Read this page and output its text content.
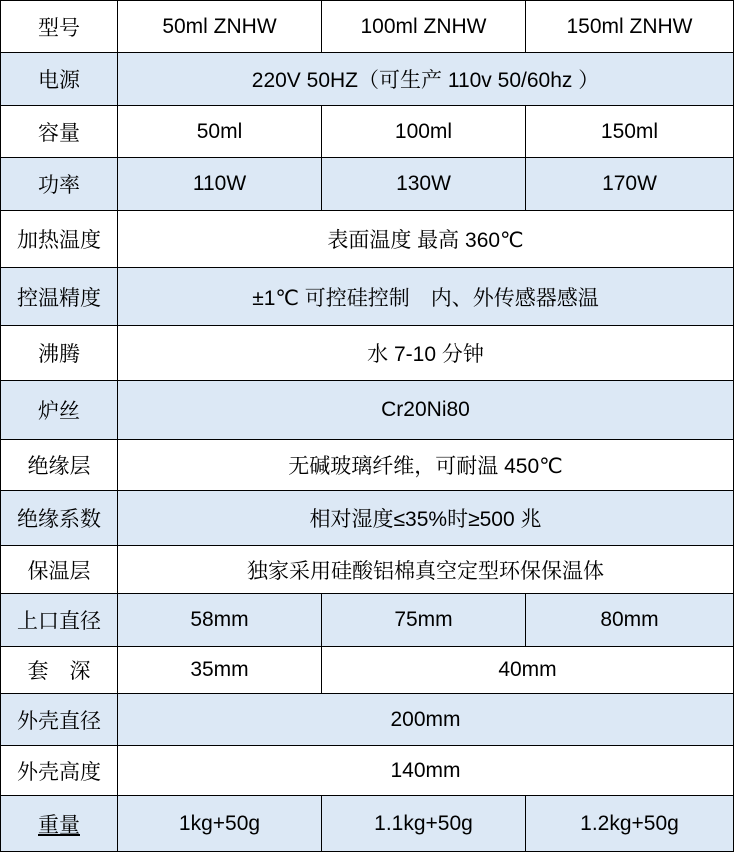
型号	50ml ZNHW	100ml ZNHW	150ml ZNHW
电源	220V 50HZ（可生产 110v 50/60hz ）		
容量	50ml	100ml	150ml
功率	110W	130W	170W
加热温度	表面温度 最高 360℃		
控温精度	±1℃ 可控硅控制　内、外传感器感温		
沸腾	水 7-10 分钟		
炉丝	Cr20Ni80		
绝缘层	无碱玻璃纤维，可耐温 450℃		
绝缘系数	相对湿度≤35%时≥500 兆		
保温层	独家采用硅酸铝棉真空定型环保保温体		
上口直径	58mm	75mm	80mm
套　深	35mm	40mm	
外壳直径	200mm		
外壳高度	140mm		
重量	1kg+50g	1.1kg+50g	1.2kg+50g
